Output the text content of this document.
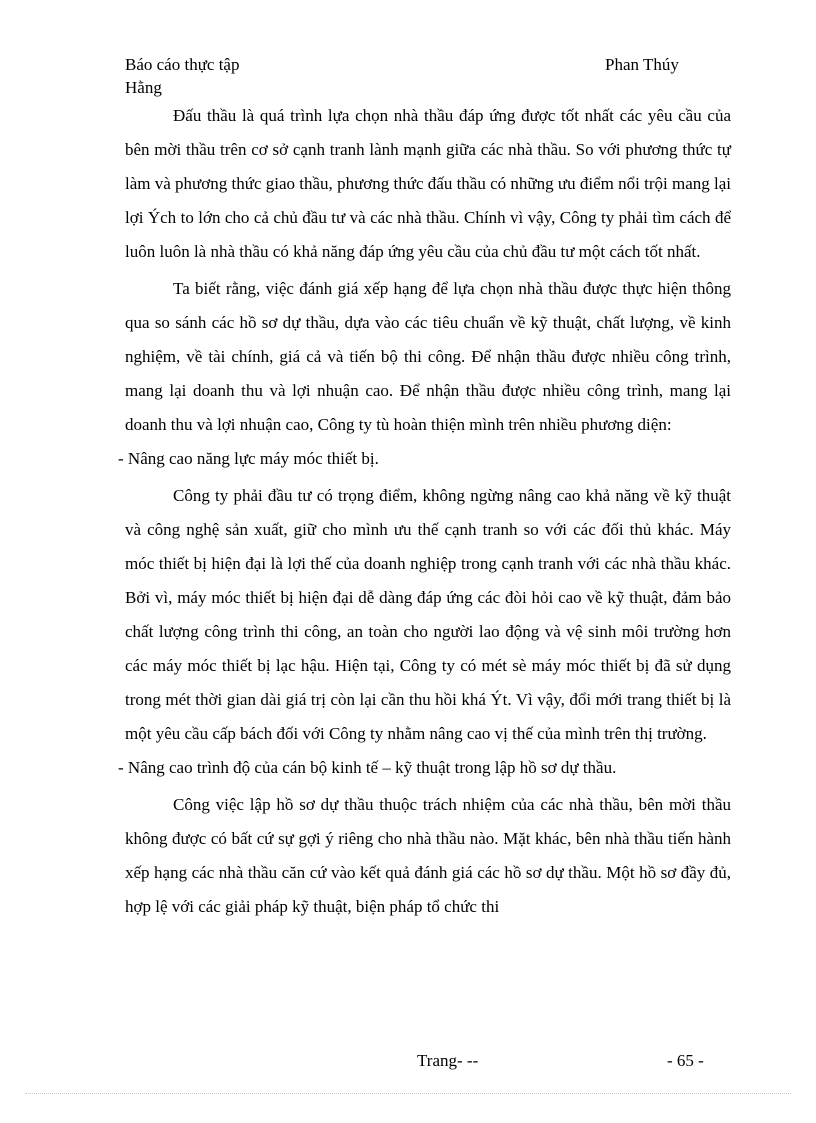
Báo cáo thực tập Hằng
Phan Thúy

Đấu thầu là quá trình lựa chọn nhà thầu đáp ứng được tốt nhất các yêu cầu của bên mời thầu trên cơ sở cạnh tranh lành mạnh giữa các nhà thầu. So với phương thức tự làm và phương thức giao thầu, phương thức đấu thầu có những ưu điểm nổi trội mang lại lợi Ých to lớn cho cả chủ đầu tư và các nhà thầu. Chính vì vậy, Công ty phải tìm cách để luôn luôn là nhà thầu có khả năng đáp ứng yêu cầu của chủ đầu tư một cách tốt nhất.

Ta biết rằng, việc đánh giá xếp hạng để lựa chọn nhà thầu được thực hiện thông qua so sánh các hồ sơ dự thầu, dựa vào các tiêu chuẩn về kỹ thuật, chất lượng, về kinh nghiệm, về tài chính, giá cả và tiến bộ thi công. Để nhận thầu được nhiều công trình, mang lại doanh thu và lợi nhuận cao. Để nhận thầu được nhiều công trình, mang lại doanh thu và lợi nhuận cao, Công ty tù hoàn thiện mình trên nhiều phương diện:

- Nâng cao năng lực máy móc thiết bị.

Công ty phải đầu tư có trọng điểm, không ngừng nâng cao khả năng về kỹ thuật và công nghệ sản xuất, giữ cho mình ưu thế cạnh tranh so với các đối thủ khác. Máy móc thiết bị hiện đại là lợi thế của doanh nghiệp trong cạnh tranh với các nhà thầu khác. Bởi vì, máy móc thiết bị hiện đại dễ dàng đáp ứng các đòi hỏi cao về kỹ thuật, đảm bảo chất lượng công trình thi công, an toàn cho người lao động và vệ sinh môi trường hơn các máy móc thiết bị lạc hậu. Hiện tại, Công ty có mét sè máy móc thiết bị đã sử dụng trong mét thời gian dài giá trị còn lại cần thu hồi khá Ýt. Vì vậy, đổi mới trang thiết bị là một yêu cầu cấp bách đối với Công ty nhằm nâng cao vị thế của mình trên thị trường.

- Nâng cao trình độ của cán bộ kinh tế – kỹ thuật trong lập hồ sơ dự thầu.

Công việc lập hồ sơ dự thầu thuộc trách nhiệm của các nhà thầu, bên mời thầu không được có bất cứ sự gợi ý riêng cho nhà thầu nào. Mặt khác, bên nhà thầu tiến hành xếp hạng các nhà thầu căn cứ vào kết quả đánh giá các hồ sơ dự thầu. Một hồ sơ đầy đủ, hợp lệ với các giải pháp kỹ thuật, biện pháp tổ chức thi

Trang- --	- 65 -
